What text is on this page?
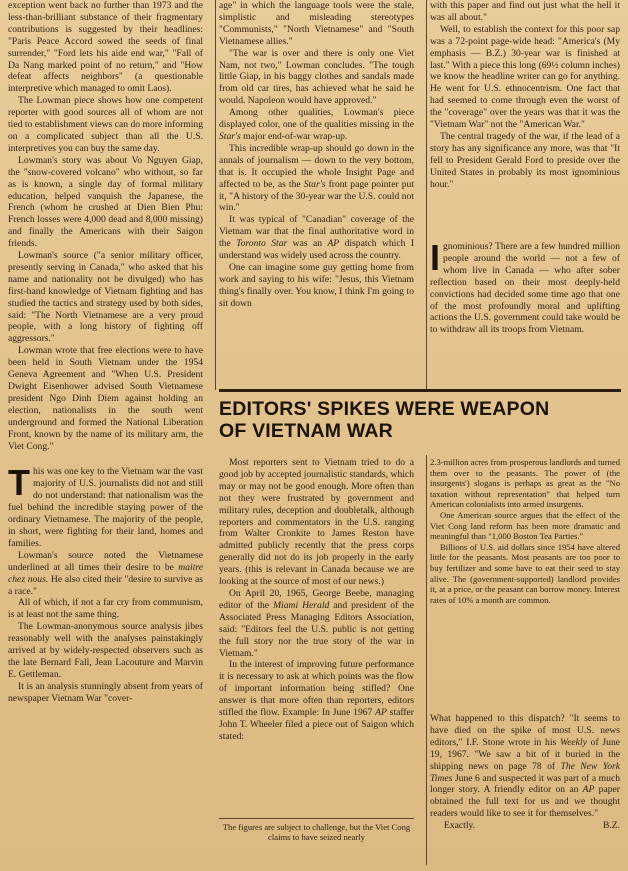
exception went back no further than 1973 and the less-than-brilliant substance of their fragmentary contributions is suggested by their headlines: "Paris Peace Accord sowed the seeds of final surrender," "Ford lets his aide end war," "Fall of Da Nang marked point of no return," and "How defeat affects neighbors" (a questionable interpretive which managed to omit Laos).

The Lowman piece shows how one competent reporter with good sources all of whom are not tied to establishment views can do more informing on a complicated subject than all the U.S. interpretives you can buy the same day.

Lowman's story was about Vo Nguyen Giap, the "snow-covered volcano" who without, so far as is known, a single day of formal military education, helped vanquish the Japanese, the French (whom he crushed at Dien Bien Phu: French losses were 4,000 dead and 8,000 missing) and finally the Americans with their Saigon friends.

Lowman's source ("a senior military officer, presently serving in Canada," who asked that his name and nationality not be divulged) who has first-hand knowledge of Vietnam fighting and has studied the tactics and strategy used by both sides, said: "The North Vietnamese are a very proud people, with a long history of fighting off aggressors."

Lowman wrote that free elections were to have been held in South Vietnam under the 1954 Geneva Agreement and "When U.S. President Dwight Eisenhower advised South Vietnamese president Ngo Dinh Diem against holding an election, nationalists in the south went underground and formed the National Liberation Front, known by the name of its military arm, the Viet Cong."

This was one key to the Vietnam war the vast majority of U.S. journalists did not and still do not understand: that nationalism was the fuel behind the incredible staying power of the ordinary Vietnamese. The majority of the people, in short, were fighting for their land, homes and families.

Lowman's source noted the Vietnamese underlined at all times their desire to be maitre chez nous. He also cited their "desire to survive as a race."

All of which, if not a far cry from communism, is at least not the same thing.

The Lowman-anonymous source analysis jibes reasonably well with the analyses painstakingly arrived at by widely-respected observers such as the late Bernard Fall, Jean Lacouture and Marvin E. Gettleman.

It is an analysis stunningly absent from years of newspaper Vietnam War "cover-

age" in which the language tools were the stale, simplistic and misleading stereotypes "Communists," "North Vietnamese" and "South Vietnamese allies."

"The war is over and there is only one Viet Nam, not two," Lowman concludes. "The tough little Giap, in his baggy clothes and sandals made from old car tires, has achieved what he said he would. Napoleon would have approved."

Among other qualities, Lowman's piece displayed color, one of the qualities missing in the Star's major end-of-war wrap-up.

This incredible wrap-up should go down in the annals of journalism — down to the very bottom, that is. It occupied the whole Insight Page and affected to be, as the Star's front page pointer put it, "A history of the 30-year war the U.S. could not win."

It was typical of "Canadian" coverage of the Vietnam war that the final authoritative word in the Toronto Star was an AP dispatch which I understand was widely used across the country.

One can imagine some guy getting home from work and saying to his wife: "Jesus, this Vietnam thing's finally over. You know, I think I'm going to sit down

with this paper and find out just what the hell it was all about."

Well, to establish the context for this poor sap was a 72-point page-wide head: "America's (My emphasis — B.Z.) 30-year war is finished at last." With a piece this long (69½ column inches) we know the headline writer can go for anything. He went for U.S. ethnocentrism. One fact that had seemed to come through even the worst of the "coverage" over the years was that it was the "Vietnam War" not the "American War."

The central tragedy of the war, if the lead of a story has any significance any more, was that "It fell to President Gerald Ford to preside over the United States in probably its most ignominious hour."

Ignominious? There are a few hundred million people around the world — not a few of whom live in Canada — who after sober reflection based on their most deeply-held convictions had decided some time ago that one of the most profoundly moral and uplifting actions the U.S. government could take would be to withdraw all its troops from Vietnam.

EDITORS' SPIKES WERE WEAPON
OF VIETNAM WAR

Most reporters sent to Vietnam tried to do a good job by accepted journalistic standards, which may or may not be good enough. More often than not they were frustrated by government and military rules, deception and doubletalk, although reporters and commentators in the U.S. ranging from Walter Cronkite to James Reston have admitted publicly recently that the press corps generally did not do its job properly in the early years. (this is relevant in Canada because we are looking at the source of most of our news.)

On April 20, 1965, George Beebe, managing editor of the Miami Herald and president of the Associated Press Managing Editors Association, said: "Editors feel the U.S. public is not getting the full story nor the true story of the war in Vietnam."

In the interest of improving future performance it is necessary to ask at which points was the flow of important information being stifled? One answer is that more often than reporters, editors stifled the flow. Example: In June 1967 AP staffer John T. Wheeler filed a piece out of Saigon which stated:

2.3-million acres from prosperous landlords and turned them over to the peasants. The power of (the insurgents') slogans is perhaps as great as the "No taxation without representation" that helped turn American colonialists into armed insurgents.

One American source argues that the effect of the Viet Cong land reform has been more dramatic and meaningful than "1,000 Boston Tea Parties."

Billions of U.S. aid dollars since 1954 have altered little for the peasants. Most peasants are too poor to buy fertilizer and some have to eat their seed to stay alive. The (government-supported) landlord provides it, at a price, or the peasant can borrow money. Interest rates of 10% a month are common.

What happened to this dispatch? "It seems to have died on the spike of most U.S. news editors," I.F. Stone wrote in his Weekly of June 19, 1967. "We saw a bit of it buried in the shipping news on page 78 of The New York Times June 6 and suspected it was part of a much longer story. A friendly editor on an AP paper obtained the full text for us and we thought readers would like to see it for themselves."

Exactly.	B.Z.

The figures are subject to challenge, but the Viet Cong claims to have seized nearly
